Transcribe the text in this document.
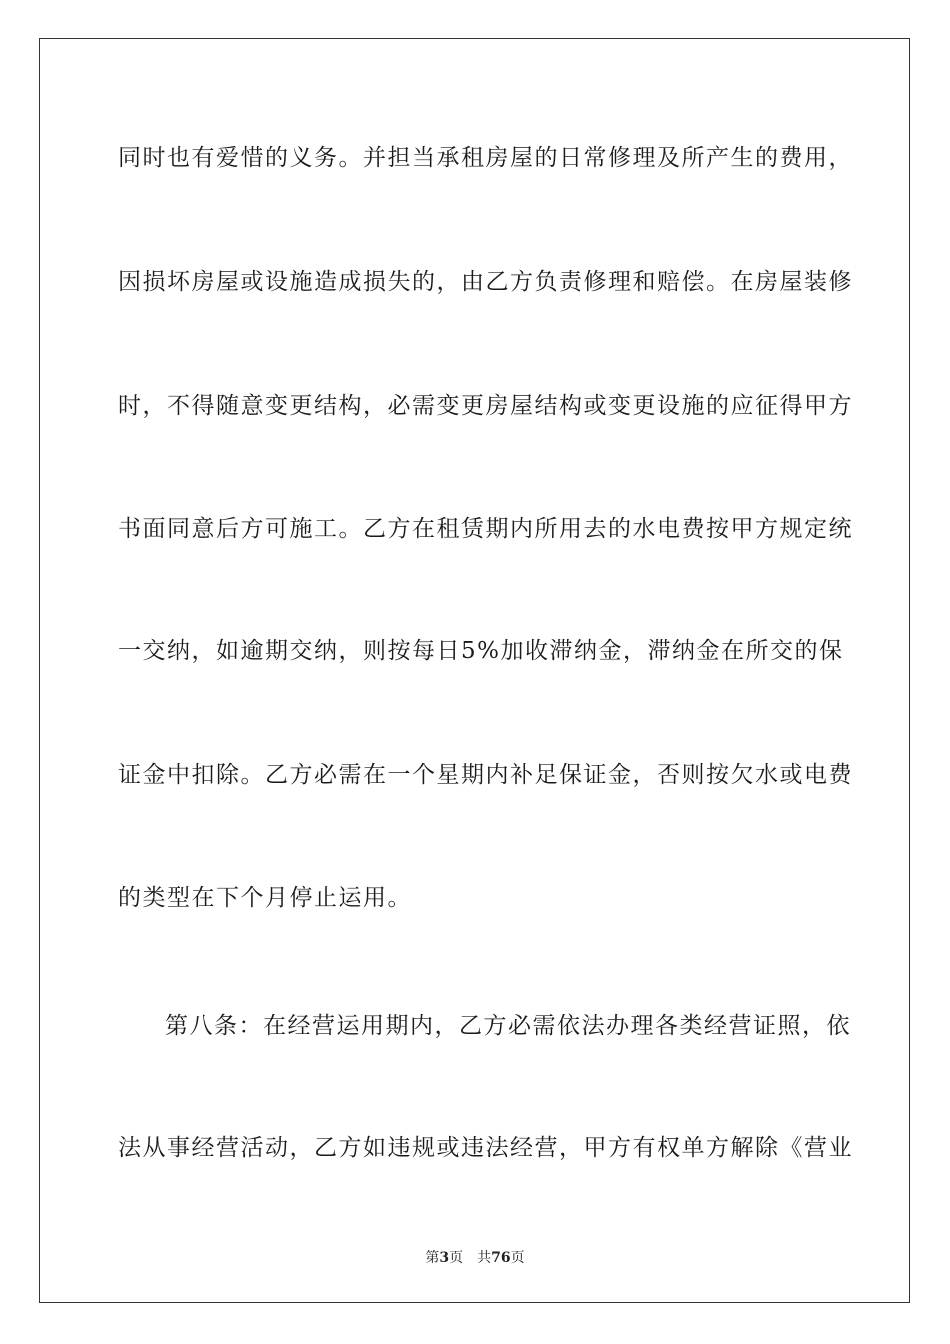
同时也有爱惜的义务。并担当承租房屋的日常修理及所产生的费用，
因损坏房屋或设施造成损失的，由乙方负责修理和赔偿。在房屋装修
时，不得随意变更结构，必需变更房屋结构或变更设施的应征得甲方
书面同意后方可施工。乙方在租赁期内所用去的水电费按甲方规定统
一交纳，如逾期交纳，则按每日5%加收滞纳金，滞纳金在所交的保
证金中扣除。乙方必需在一个星期内补足保证金，否则按欠水或电费
的类型在下个月停止运用。
第八条：在经营运用期内，乙方必需依法办理各类经营证照，依
法从事经营活动，乙方如违规或违法经营，甲方有权单方解除《营业
第3页 共76页
